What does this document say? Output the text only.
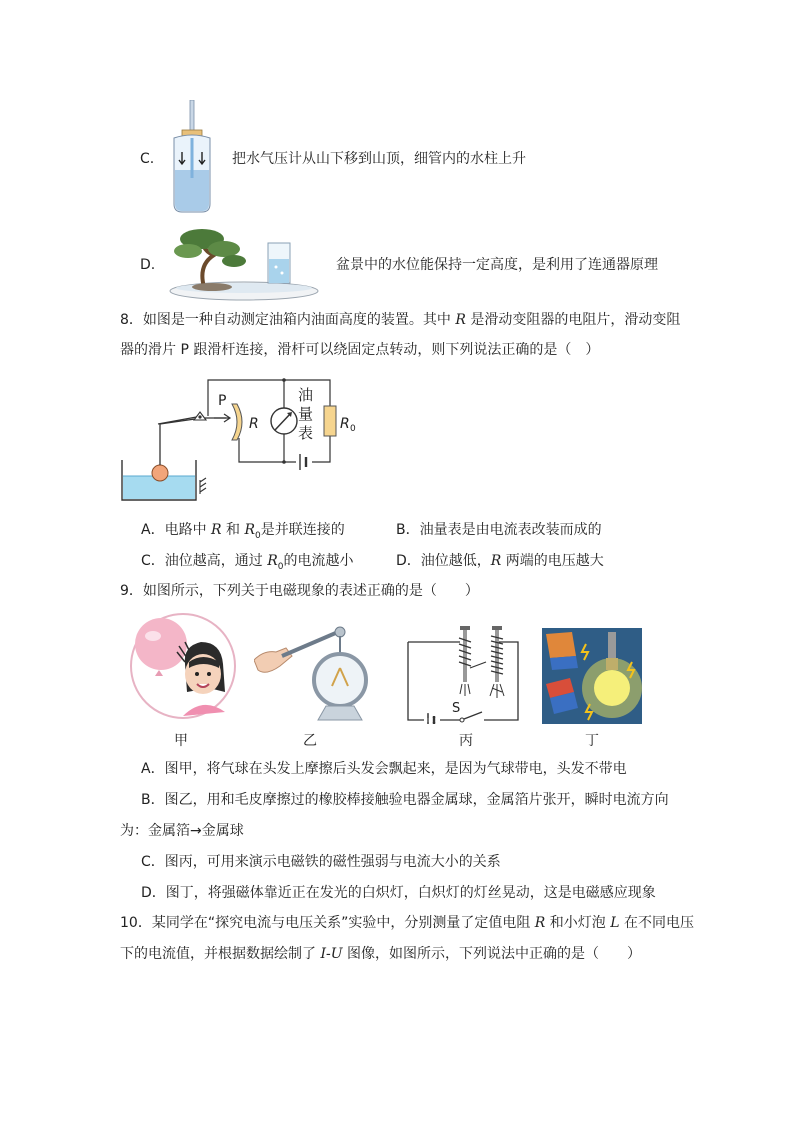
C.	把水气压计从山下移到山顶，细管内的水柱上升
D.	盆景中的水位能保持一定高度，是利用了连通器原理
8．如图是一种自动测定油箱内油面高度的装置。其中 R 是滑动变阻器的电阻片，滑动变阻
器的滑片 P 跟滑杆连接，滑杆可以绕固定点转动，则下列说法正确的是（　）
P
R	R 0
油
量
表
A．电路中 R 和 $R_0$是并联连接的	B．油量表是由电流表改装而成的
C．油位越高，通过 $R_0$的电流越小	D．油位越低，R 两端的电压越大
9．如图所示，下列关于电磁现象的表述正确的是（　　）
S
甲	乙	丙	丁
A．图甲，将气球在头发上摩擦后头发会飘起来，是因为气球带电，头发不带电
B．图乙，用和毛皮摩擦过的橡胶棒接触验电器金属球，金属箔片张开，瞬时电流方向
为：金属箔→金属球
C．图丙，可用来演示电磁铁的磁性强弱与电流大小的关系
D．图丁，将强磁体靠近正在发光的白炽灯，白炽灯的灯丝晃动，这是电磁感应现象
10．某同学在“探究电流与电压关系”实验中，分别测量了定值电阻 R 和小灯泡 L 在不同电压
下的电流值，并根据数据绘制了 I-U 图像，如图所示，下列说法中正确的是（　　）
